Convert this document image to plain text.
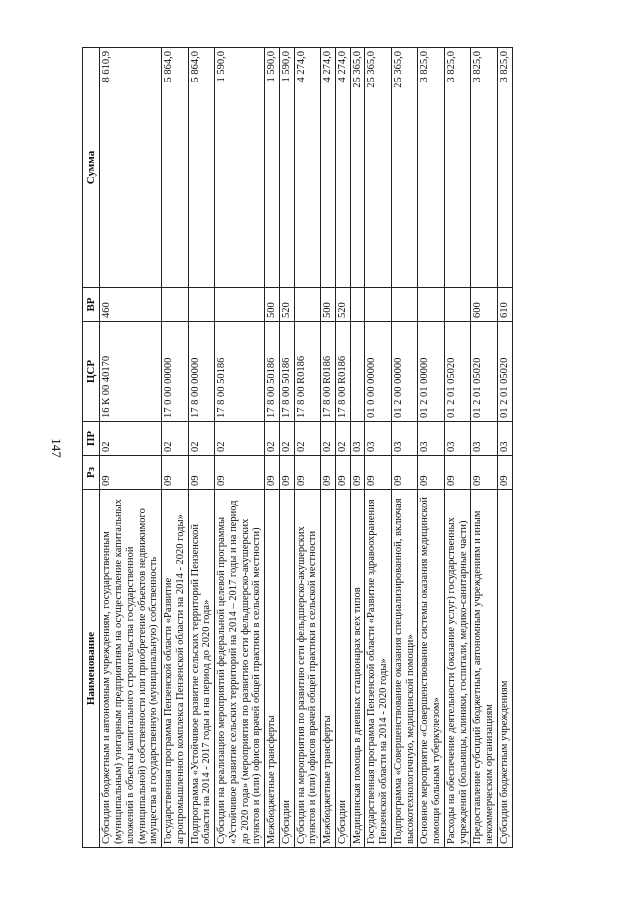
147
Наименование	Рз	ПР	ЦСР	ВР	Сумма
Субсидии бюджетным и автономным учреждениям, государственным (муниципальным) унитарным предприятиям на осуществление капитальных вложений в объекты капитального строительства государственной (муниципальной) собственности или приобретение объектов недвижимого имущества в государственную (муниципальную) собственность	09	02	16 К 00 40170	460	8 610,9
Государственная программа Пензенской области «Развитие агропромышленного комплекса Пензенской области на 2014 - 2020 годы»	09	02	17 0 00 00000		5 864,0
Подпрограмма «Устойчивое развитие сельских территорий Пензенской области на 2014 - 2017 годы и на период до 2020 года»	09	02	17 8 00 00000		5 864,0
Субсидии на реализацию мероприятий федеральной целевой программы «Устойчивое развитие сельских территорий на 2014 – 2017 годы и на период до 2020 года» (мероприятия по развитию сети фельдшерско-акушерских пунктов и (или) офисов врачей общей практики в сельской местности)	09	02	17 8 00 50186		1 590,0
Межбюджетные трансферты	09	02	17 8 00 50186	500	1 590,0
Субсидии	09	02	17 8 00 50186	520	1 590,0
Субсидии на мероприятия по развитию сети фельдшерско-акушерских пунктов и (или) офисов врачей общей практики в сельской местности	09	02	17 8 00 R0186		4 274,0
Межбюджетные трансферты	09	02	17 8 00 R0186	500	4 274,0
Субсидии	09	02	17 8 00 R0186	520	4 274,0
Медицинская помощь в дневных стационарах всех типов	09	03			25 365,0
Государственная программа Пензенской области «Развитие здравоохранения Пензенской области на 2014 - 2020 годы»	09	03	01 0 00 00000		25 365,0
Подпрограмма «Совершенствование оказания специализированной, включая высокотехнологичную, медицинской помощи»	09	03	01 2 00 00000		25 365,0
Основное мероприятие «Совершенствование системы оказания медицинской помощи больным туберкулезом»	09	03	01 2 01 00000		3 825,0
Расходы на обеспечение деятельности (оказание услуг) государственных учреждений (больницы, клиники, госпитали, медико-санитарные части)	09	03	01 2 01 05020		3 825,0
Предоставление субсидий бюджетным, автономным учреждениям и иным некоммерческим организациям	09	03	01 2 01 05020	600	3 825,0
Субсидии бюджетным учреждениям	09	03	01 2 01 05020	610	3 825,0
